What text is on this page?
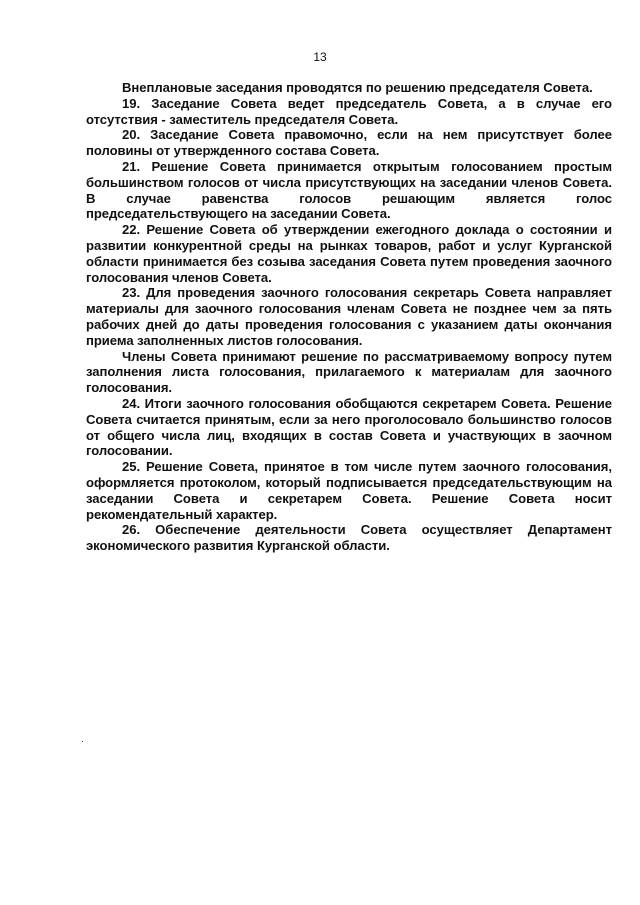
13

Внеплановые заседания проводятся по решению председателя Совета.

19. Заседание Совета ведет председатель Совета, а в случае его отсутствия - заместитель председателя Совета.

20. Заседание Совета правомочно, если на нем присутствует более половины от утвержденного состава Совета.

21. Решение Совета принимается открытым голосованием простым большинством голосов от числа присутствующих на заседании членов Совета. В случае равенства голосов решающим является голос председательствующего на заседании Совета.

22. Решение Совета об утверждении ежегодного доклада о состоянии и развитии конкурентной среды на рынках товаров, работ и услуг Курганской области принимается без созыва заседания Совета путем проведения заочного голосования членов Совета.

23. Для проведения заочного голосования секретарь Совета направляет материалы для заочного голосования членам Совета не позднее чем за пять рабочих дней до даты проведения голосования с указанием даты окончания приема заполненных листов голосования.

Члены Совета принимают решение по рассматриваемому вопросу путем заполнения листа голосования, прилагаемого к материалам для заочного голосования.

24. Итоги заочного голосования обобщаются секретарем Совета. Решение Совета считается принятым, если за него проголосовало большинство голосов от общего числа лиц, входящих в состав Совета и участвующих в заочном голосовании.

25. Решение Совета, принятое в том числе путем заочного голосования, оформляется протоколом, который подписывается председательствующим на заседании Совета и секретарем Совета. Решение Совета носит рекомендательный характер.

26. Обеспечение деятельности Совета осуществляет Департамент экономического развития Курганской области.
